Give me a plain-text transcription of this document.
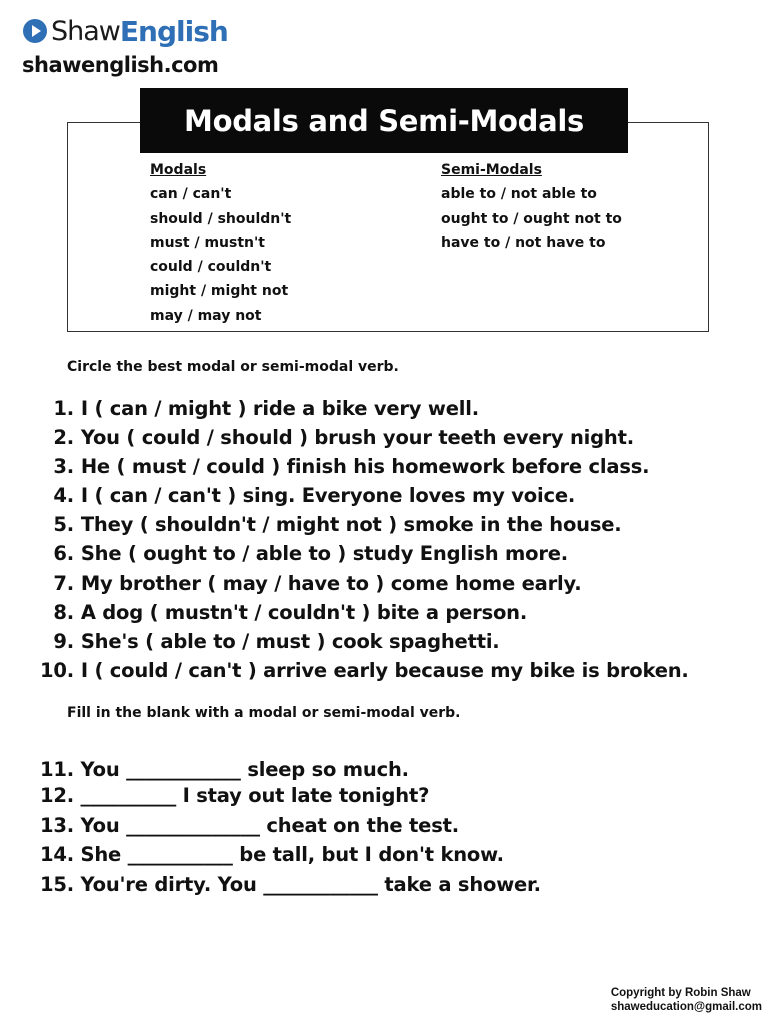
Shaw English
shawenglish.com
Modals and Semi-Modals
Modals
can / can't
should / shouldn't
must / mustn't
could / couldn't
might / might not
may / may not
Semi-Modals
able to / not able to
ought to / ought not to
have to / not have to
Circle the best modal or semi-modal verb.
1. I ( can / might ) ride a bike very well.
2. You ( could / should ) brush your teeth every night.
3. He ( must / could ) finish his homework before class.
4. I ( can / can't ) sing. Everyone loves my voice.
5. They ( shouldn't / might not ) smoke in the house.
6. She ( ought to / able to ) study English more.
7. My brother ( may / have to ) come home early.
8. A dog ( mustn't / couldn't ) bite a person.
9. She's ( able to / must ) cook spaghetti.
10. I ( could / can't ) arrive early because my bike is broken.
Fill in the blank with a modal or semi-modal verb.
11. You ____________ sleep so much.
12. __________ I stay out late tonight?
13. You ______________ cheat on the test.
14. She ___________ be tall, but I don't know.
15. You're dirty. You ____________ take a shower.
Copyright by Robin Shaw
shaweducation@gmail.com
